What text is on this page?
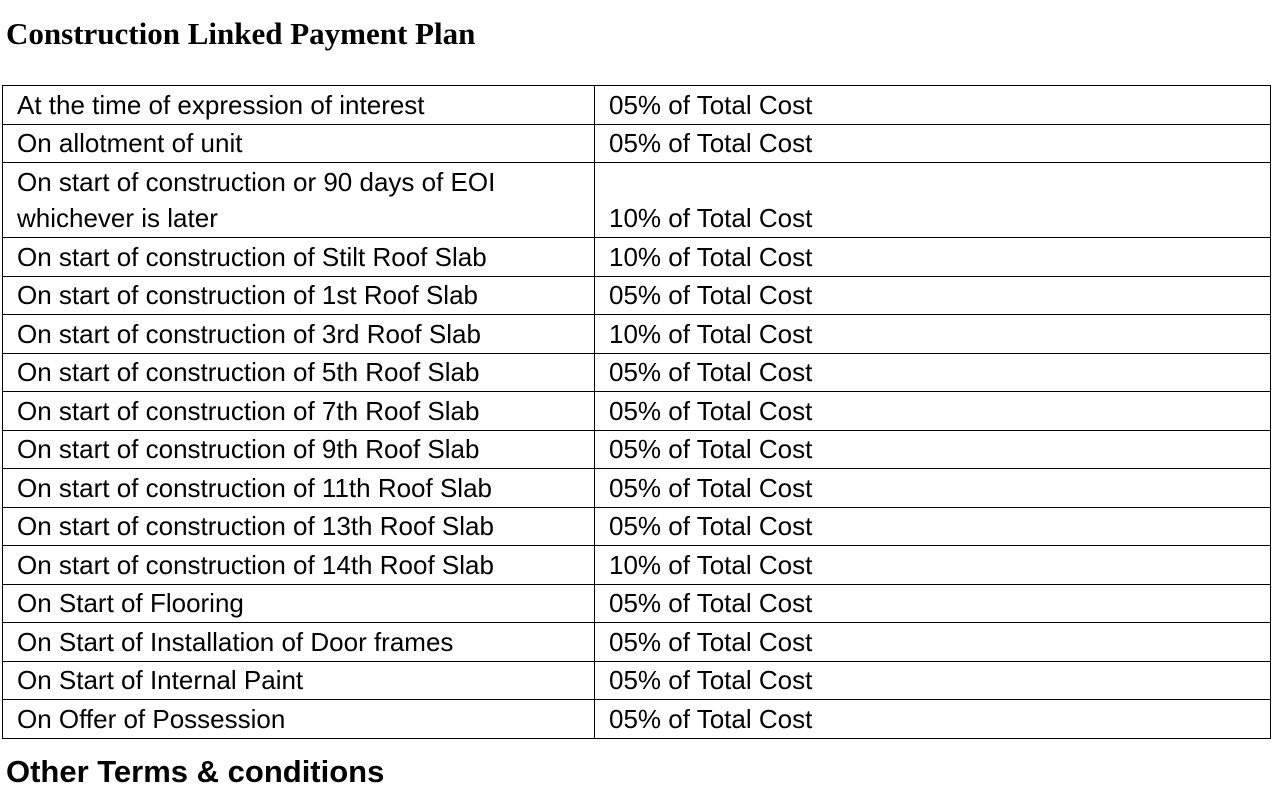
Construction Linked Payment Plan
At the time of expression of interest	05% of Total Cost
On allotment of unit	05% of Total Cost
On start of construction or 90 days of EOI whichever is later	10% of Total Cost
On start of construction of Stilt Roof Slab	10% of Total Cost
On start of construction of 1st Roof Slab	05% of Total Cost
On start of construction of 3rd Roof Slab	10% of Total Cost
On start of construction of 5th Roof Slab	05% of Total Cost
On start of construction of 7th Roof Slab	05% of Total Cost
On start of construction of 9th Roof Slab	05% of Total Cost
On start of construction of 11th Roof Slab	05% of Total Cost
On start of construction of 13th Roof Slab	05% of Total Cost
On start of construction of 14th Roof Slab	10% of Total Cost
On Start of Flooring	05% of Total Cost
On Start of Installation of Door frames	05% of Total Cost
On Start of Internal Paint	05% of Total Cost
On Offer of Possession	05% of Total Cost
Other Terms & conditions
